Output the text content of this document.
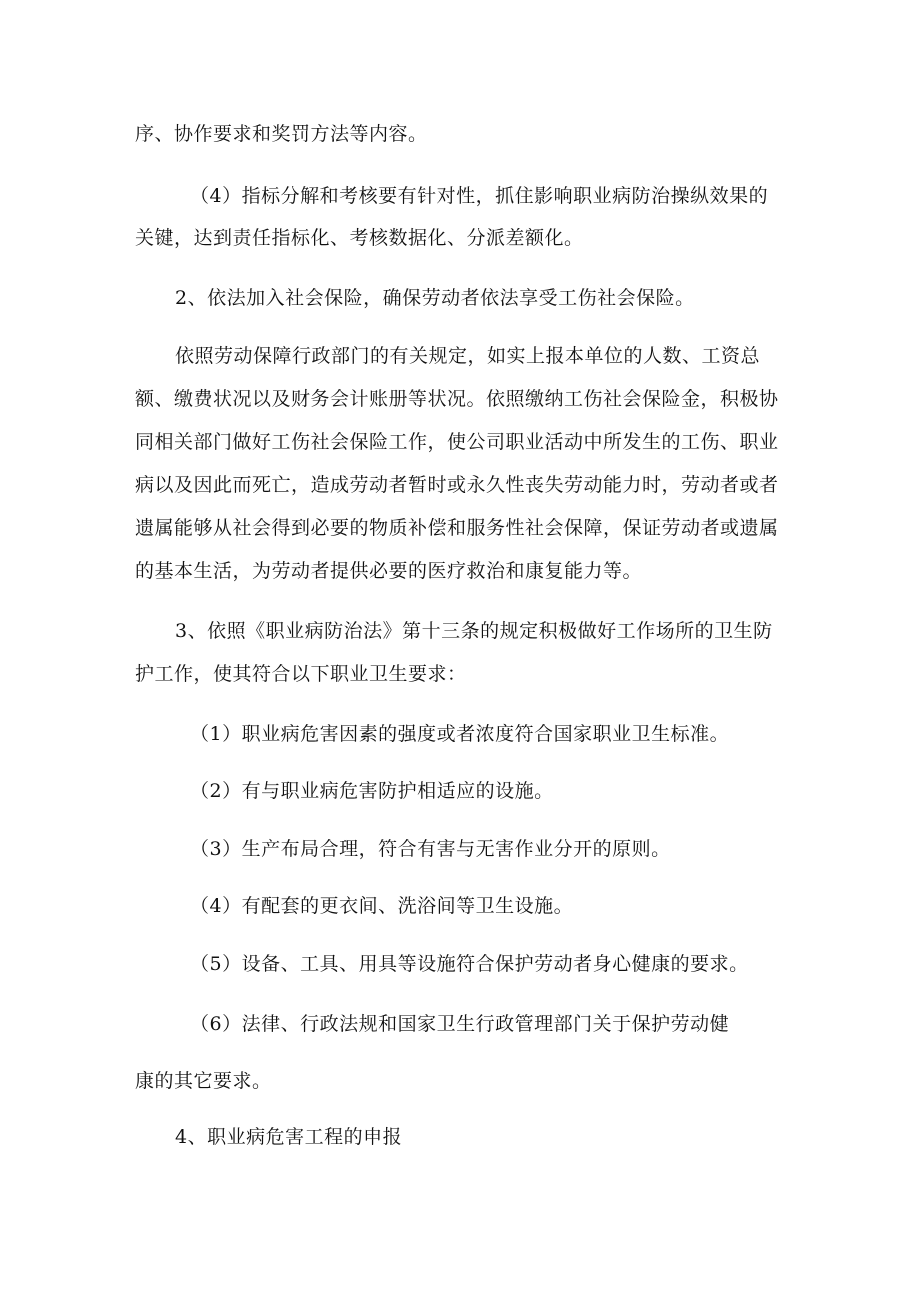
序、协作要求和奖罚方法等内容。

（4）指标分解和考核要有针对性，抓住影响职业病防治操纵效果的

关键，达到责任指标化、考核数据化、分派差额化。

2、依法加入社会保险，确保劳动者依法享受工伤社会保险。

依照劳动保障行政部门的有关规定，如实上报本单位的人数、工资总

额、缴费状况以及财务会计账册等状况。依照缴纳工伤社会保险金，积极协

同相关部门做好工伤社会保险工作，使公司职业活动中所发生的工伤、职业

病以及因此而死亡，造成劳动者暂时或永久性丧失劳动能力时，劳动者或者

遗属能够从社会得到必要的物质补偿和服务性社会保障，保证劳动者或遗属

的基本生活，为劳动者提供必要的医疗救治和康复能力等。

3、依照《职业病防治法》第十三条的规定积极做好工作场所的卫生防

护工作，使其符合以下职业卫生要求：

（1）职业病危害因素的强度或者浓度符合国家职业卫生标准。

（2）有与职业病危害防护相适应的设施。

（3）生产布局合理，符合有害与无害作业分开的原则。

（4）有配套的更衣间、洗浴间等卫生设施。

（5）设备、工具、用具等设施符合保护劳动者身心健康的要求。

（6）法律、行政法规和国家卫生行政管理部门关于保护劳动健

康的其它要求。

4、职业病危害工程的申报
